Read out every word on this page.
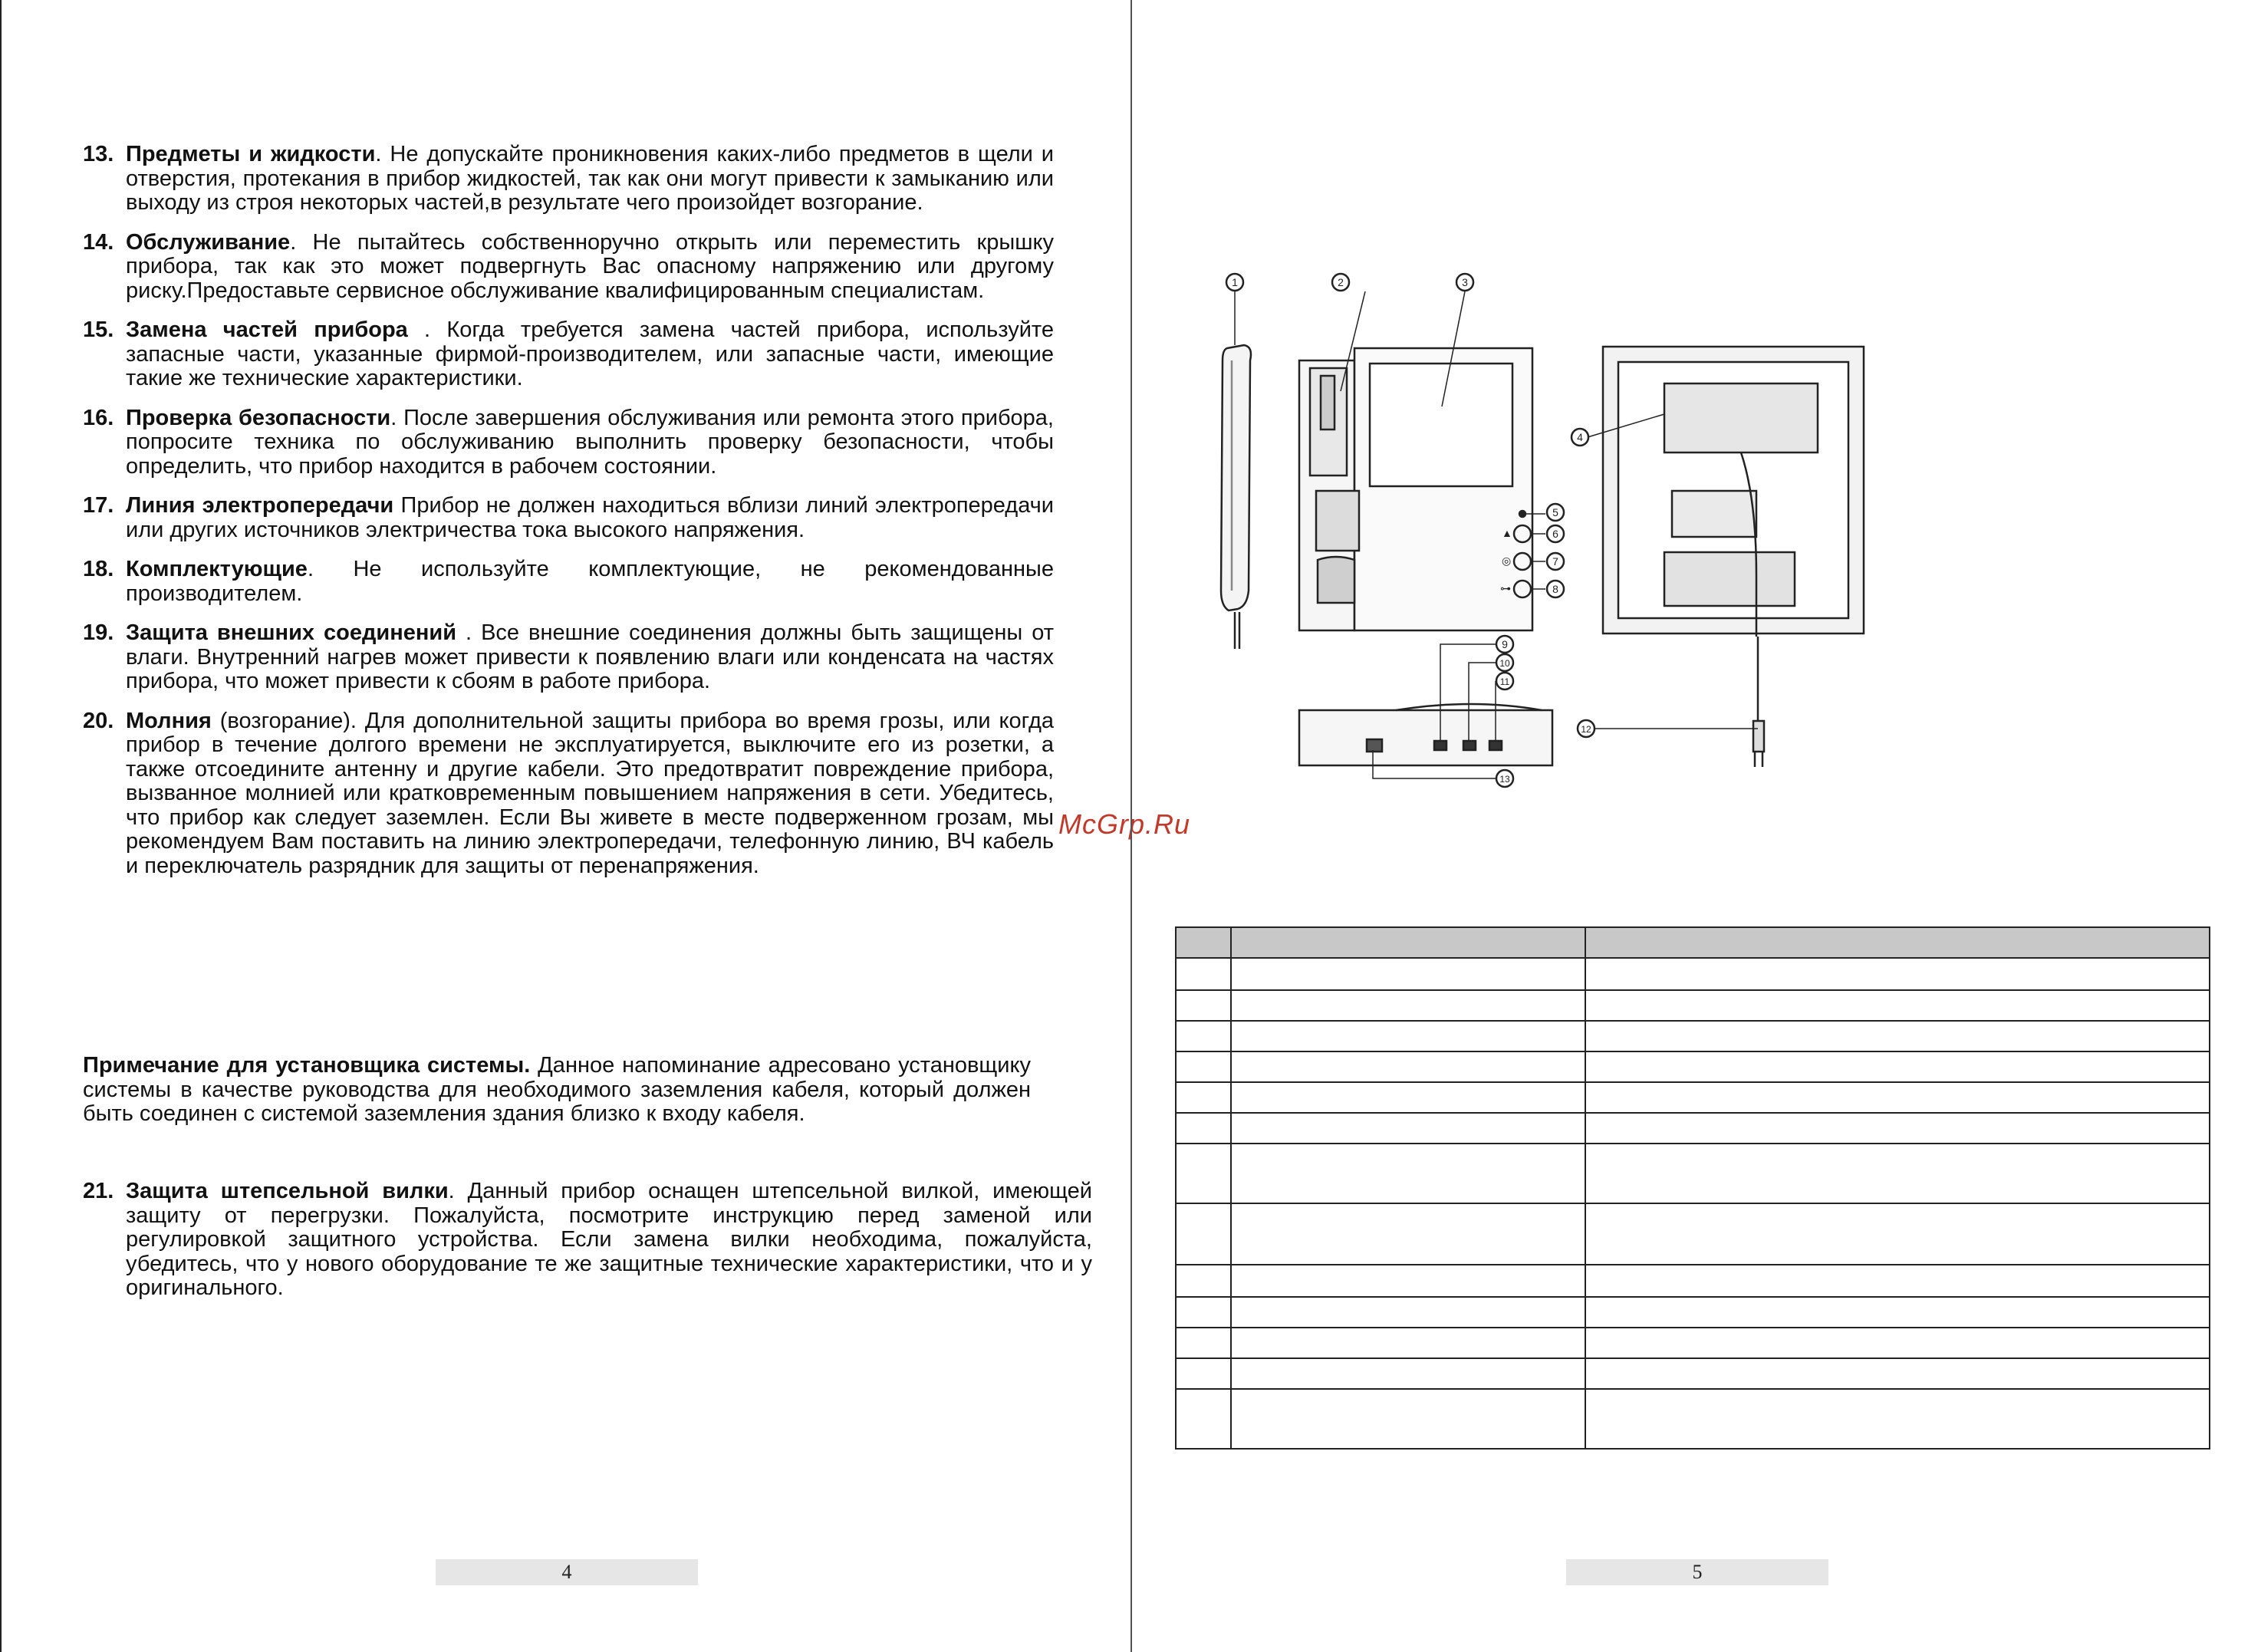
13. Предметы и жидкости. Не допускайте проникновения каких-либо предметов в щели и отверстия, протекания в прибор жидкостей, так как они могут привести к замыканию или выходу из строя некоторых частей,в результате чего произойдет возгорание.
14. Обслуживание. Не пытайтесь собственноручно открыть или переместить крышку прибора, так как это может подвергнуть Вас опасному напряжению или другому риску.Предоставьте сервисное обслуживание квалифицированным специалистам.
15. Замена частей прибора . Когда требуется замена частей прибора, используйте запасные части, указанные фирмой-производителем, или запасные части, имеющие такие же технические характеристики.
16. Проверка безопасности. После завершения обслуживания или ремонта этого прибора, попросите техника по обслуживанию выполнить проверку безопасности, чтобы определить, что прибор находится в рабочем состоянии.
17. Линия электропередачи Прибор не должен находиться вблизи линий электропередачи или других источников электричества тока высокого напряжения.
18. Комплектующие. Не используйте комплектующие, не рекомендованные производителем.
19. Защита внешних соединений . Все внешние соединения должны быть защищены от влаги. Внутренний нагрев может привести к появлению влаги или конденсата на частях прибора, что может привести к сбоям в работе прибора.
20. Молния (возгорание). Для дополнительной защиты прибора во время грозы, или когда прибор в течение долгого времени не эксплуатируется, выключите его из розетки, а также отсоедините антенну и другие кабели. Это предотвратит повреждение прибора, вызванное молнией или кратковременным повышением напряжения в сети. Убедитесь, что прибор как следует заземлен. Если Вы живете в месте подверженном грозам, мы рекомендуем Вам поставить на линию электропередачи, телефонную линию, ВЧ кабель и переключатель разрядник для защиты от перенапряжения.
Примечание для установщика системы. Данное напоминание адресовано установщику системы в качестве руководства для необходимого заземления кабеля, который должен быть соединен с системой заземления здания близко к входу кабеля.
21. Защита штепсельной вилки. Данный прибор оснащен штепсельной вилкой, имеющей защиту от перегрузки. Пожалуйста, посмотрите инструкцию перед заменой или регулировкой защитного устройства. Если замена вилки необходима, пожалуйста, убедитесь, что у нового оборудование те же защитные технические характеристики, что и у оригинального.
4
McGrp.Ru
5
▲
◎
⊶
1	2	3
4
5
6
7
8
9
10
11
12
13
